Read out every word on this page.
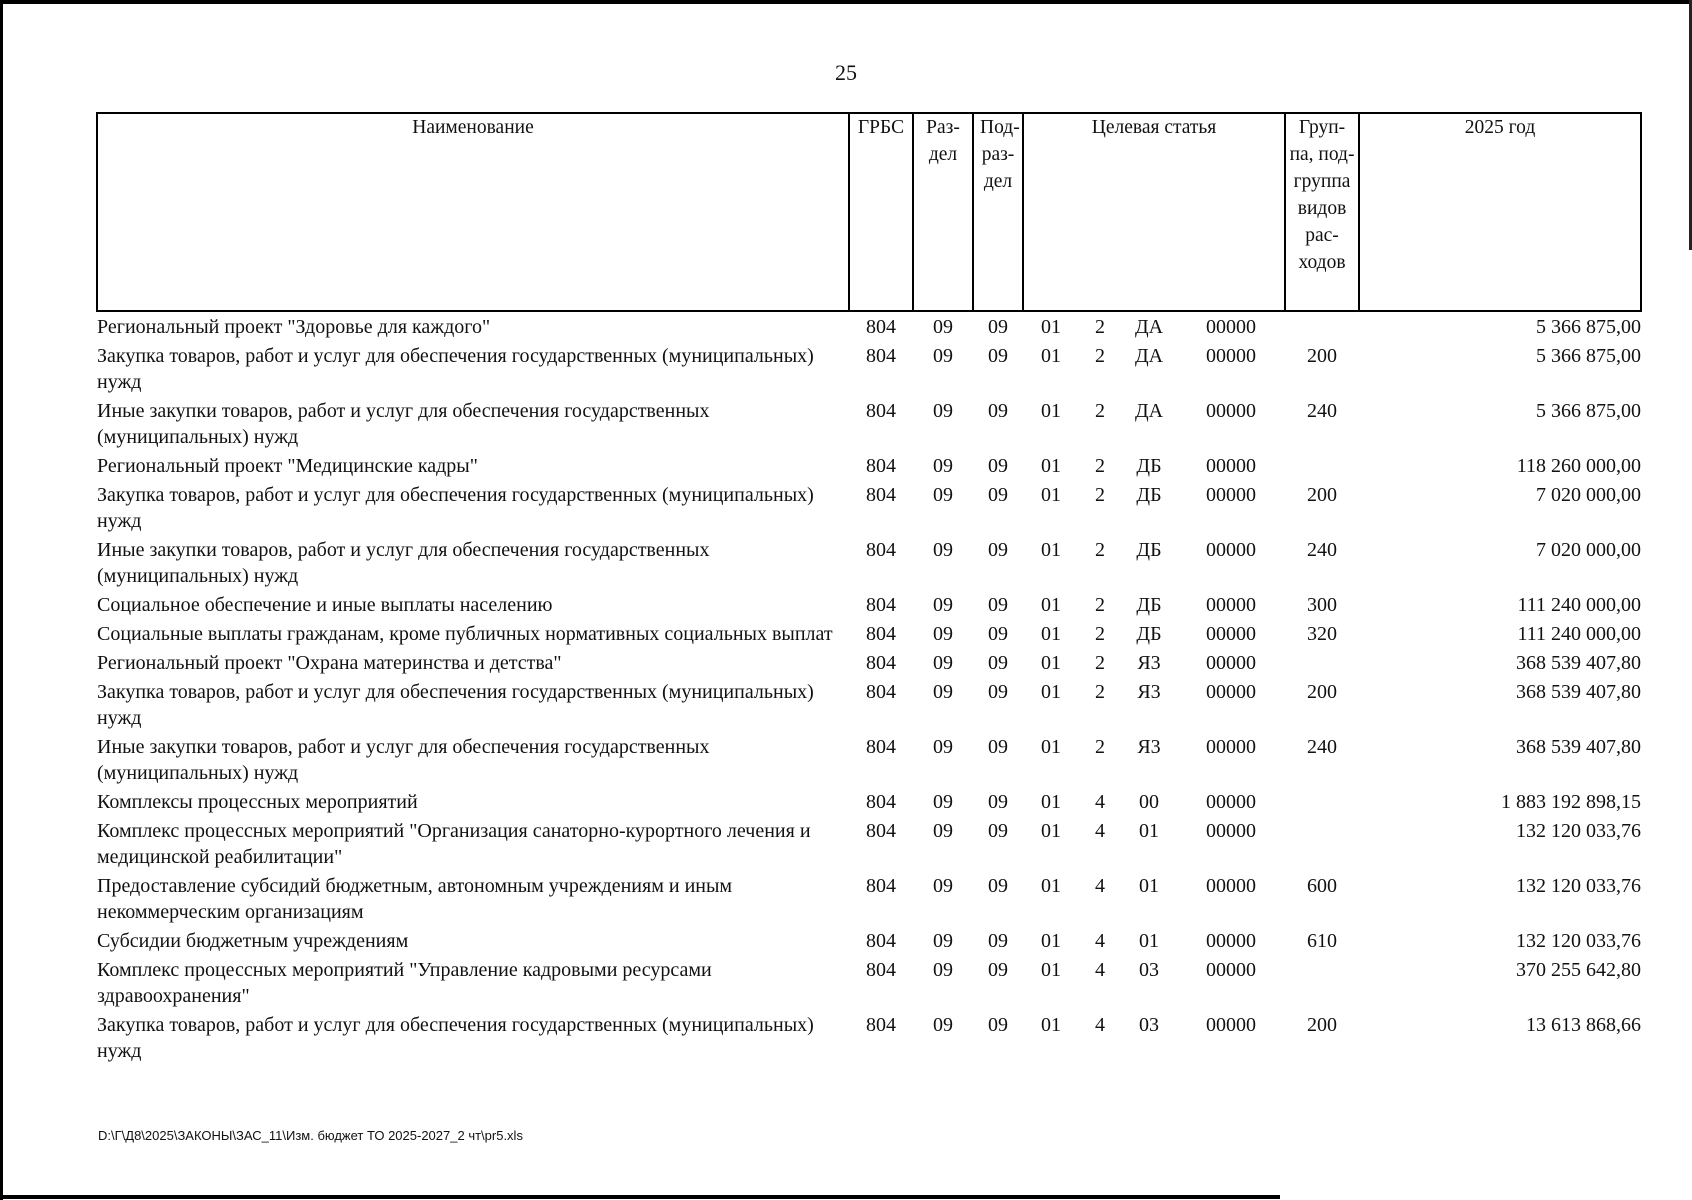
25
Наименование	ГРБС	Раз-дел	Под-раз-дел	Целевая статья				Груп-па, под-группа видов рас-ходов	2025 год
Региональный проект "Здоровье для каждого"	804	09	09	01	2	ДА	00000		5 366 875,00
Закупка товаров, работ и услуг для обеспечения государственных (муниципальных) нужд	804	09	09	01	2	ДА	00000	200	5 366 875,00
Иные закупки товаров, работ и услуг для обеспечения государственных (муниципальных) нужд	804	09	09	01	2	ДА	00000	240	5 366 875,00
Региональный проект "Медицинские кадры"	804	09	09	01	2	ДБ	00000		118 260 000,00
Закупка товаров, работ и услуг для обеспечения государственных (муниципальных) нужд	804	09	09	01	2	ДБ	00000	200	7 020 000,00
Иные закупки товаров, работ и услуг для обеспечения государственных (муниципальных) нужд	804	09	09	01	2	ДБ	00000	240	7 020 000,00
Социальное обеспечение и иные выплаты населению	804	09	09	01	2	ДБ	00000	300	111 240 000,00
Социальные выплаты гражданам, кроме публичных нормативных социальных выплат	804	09	09	01	2	ДБ	00000	320	111 240 000,00
Региональный проект "Охрана материнства и детства"	804	09	09	01	2	Я3	00000		368 539 407,80
Закупка товаров, работ и услуг для обеспечения государственных (муниципальных) нужд	804	09	09	01	2	Я3	00000	200	368 539 407,80
Иные закупки товаров, работ и услуг для обеспечения государственных (муниципальных) нужд	804	09	09	01	2	Я3	00000	240	368 539 407,80
Комплексы процессных мероприятий	804	09	09	01	4	00	00000		1 883 192 898,15
Комплекс процессных мероприятий "Организация санаторно-курортного лечения и медицинской реабилитации"	804	09	09	01	4	01	00000		132 120 033,76
Предоставление субсидий бюджетным, автономным учреждениям и иным некоммерческим организациям	804	09	09	01	4	01	00000	600	132 120 033,76
Субсидии бюджетным учреждениям	804	09	09	01	4	01	00000	610	132 120 033,76
Комплекс процессных мероприятий "Управление кадровыми ресурсами здравоохранения"	804	09	09	01	4	03	00000		370 255 642,80
Закупка товаров, работ и услуг для обеспечения государственных (муниципальных) нужд	804	09	09	01	4	03	00000	200	13 613 868,66
D:\Г\Д8\2025\ЗАКОНЫ\ЗАС_11\Изм. бюджет ТО 2025-2027_2 чт\pr5.xls
